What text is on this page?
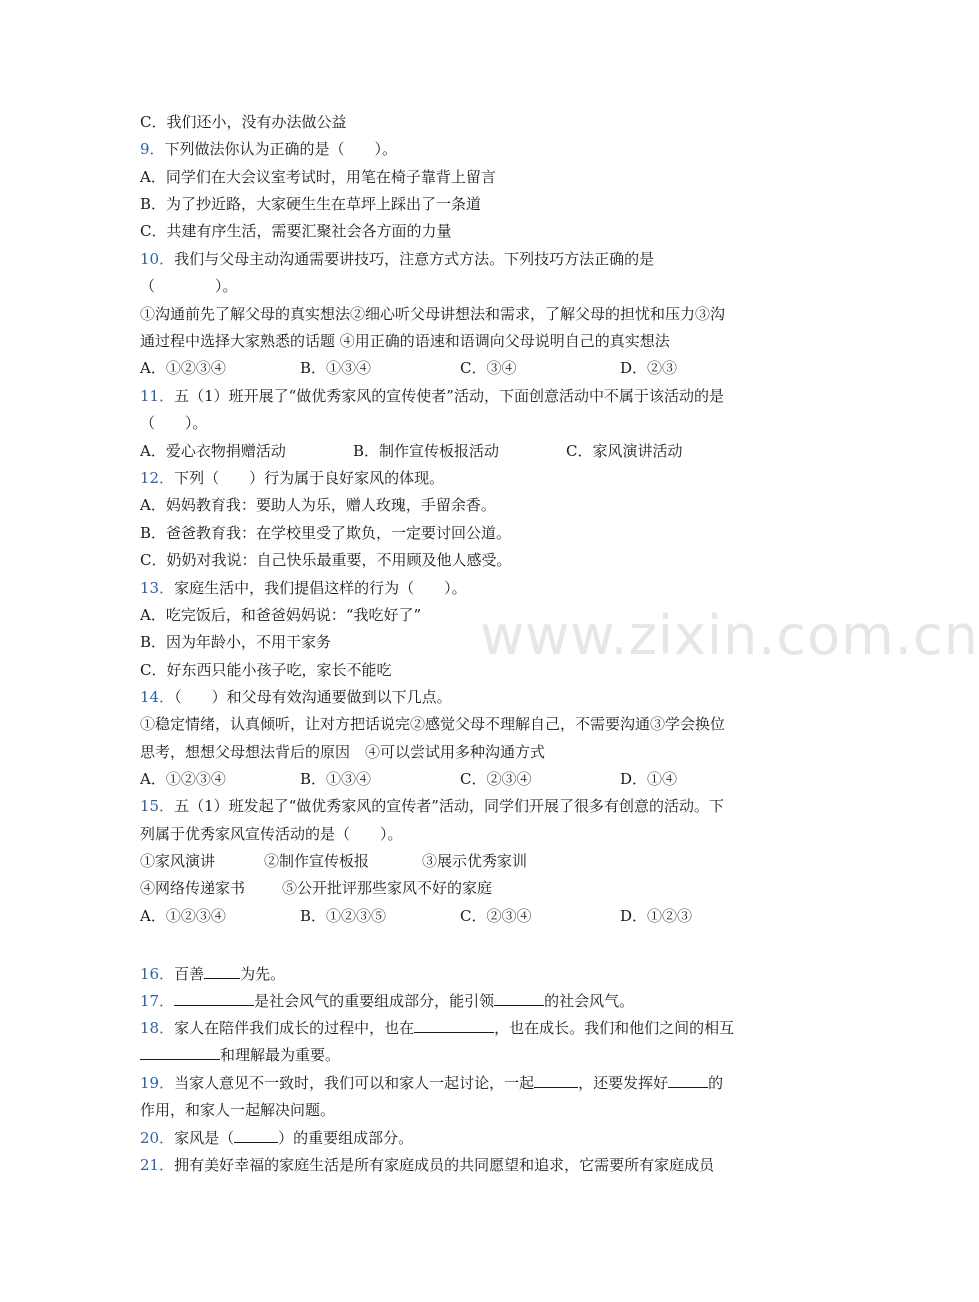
www.zixin.com.cn
C．我们还小，没有办法做公益
9．下列做法你认为正确的是（　　）。
A．同学们在大会议室考试时，用笔在椅子靠背上留言
B．为了抄近路，大家硬生生在草坪上踩出了一条道
C．共建有序生活，需要汇聚社会各方面的力量
10．我们与父母主动沟通需要讲技巧，注意方式方法。下列技巧方法正确的是
（　　　　）。
①沟通前先了解父母的真实想法②细心听父母讲想法和需求，了解父母的担忧和压力③沟
通过程中选择大家熟悉的话题 ④用正确的语速和语调向父母说明自己的真实想法
A．①②③④	B．①③④	C．③④	D．②③
11．五（1）班开展了“做优秀家风的宣传使者”活动，下面创意活动中不属于该活动的是
（　　）。
A．爱心衣物捐赠活动	B．制作宣传板报活动	C．家风演讲活动
12．下列（　　）行为属于良好家风的体现。
A．妈妈教育我：要助人为乐，赠人玫瑰，手留余香。
B．爸爸教育我：在学校里受了欺负，一定要讨回公道。
C．奶奶对我说：自己快乐最重要，不用顾及他人感受。
13．家庭生活中，我们提倡这样的行为（　　）。
A．吃完饭后，和爸爸妈妈说：“我吃好了”
B．因为年龄小，不用干家务
C．好东西只能小孩子吃，家长不能吃
14．（　　）和父母有效沟通要做到以下几点。
①稳定情绪，认真倾听，让对方把话说完②感觉父母不理解自己，不需要沟通③学会换位
思考，想想父母想法背后的原因　④可以尝试用多种沟通方式
A．①②③④	B．①③④	C．②③④	D．①④
15．五（1）班发起了“做优秀家风的宣传者”活动，同学们开展了很多有创意的活动。下
列属于优秀家风宣传活动的是（　　）。
①家风演讲	②制作宣传板报	③展示优秀家训
④网络传递家书 ⑤公开批评那些家风不好的家庭
A．①②③④	B．①②③⑤	C．②③④	D．①②③
16．百善 为先。
17．	是社会风气的重要组成部分，能引领	的社会风气。
18．家人在陪伴我们成长的过程中，也在	，也在成长。我们和他们之间的相互
和理解最为重要。
19．当家人意见不一致时，我们可以和家人一起讨论，一起	，还要发挥好	的
作用，和家人一起解决问题。
20．家风是（	）的重要组成部分。
21．拥有美好幸福的家庭生活是所有家庭成员的共同愿望和追求，它需要所有家庭成员
